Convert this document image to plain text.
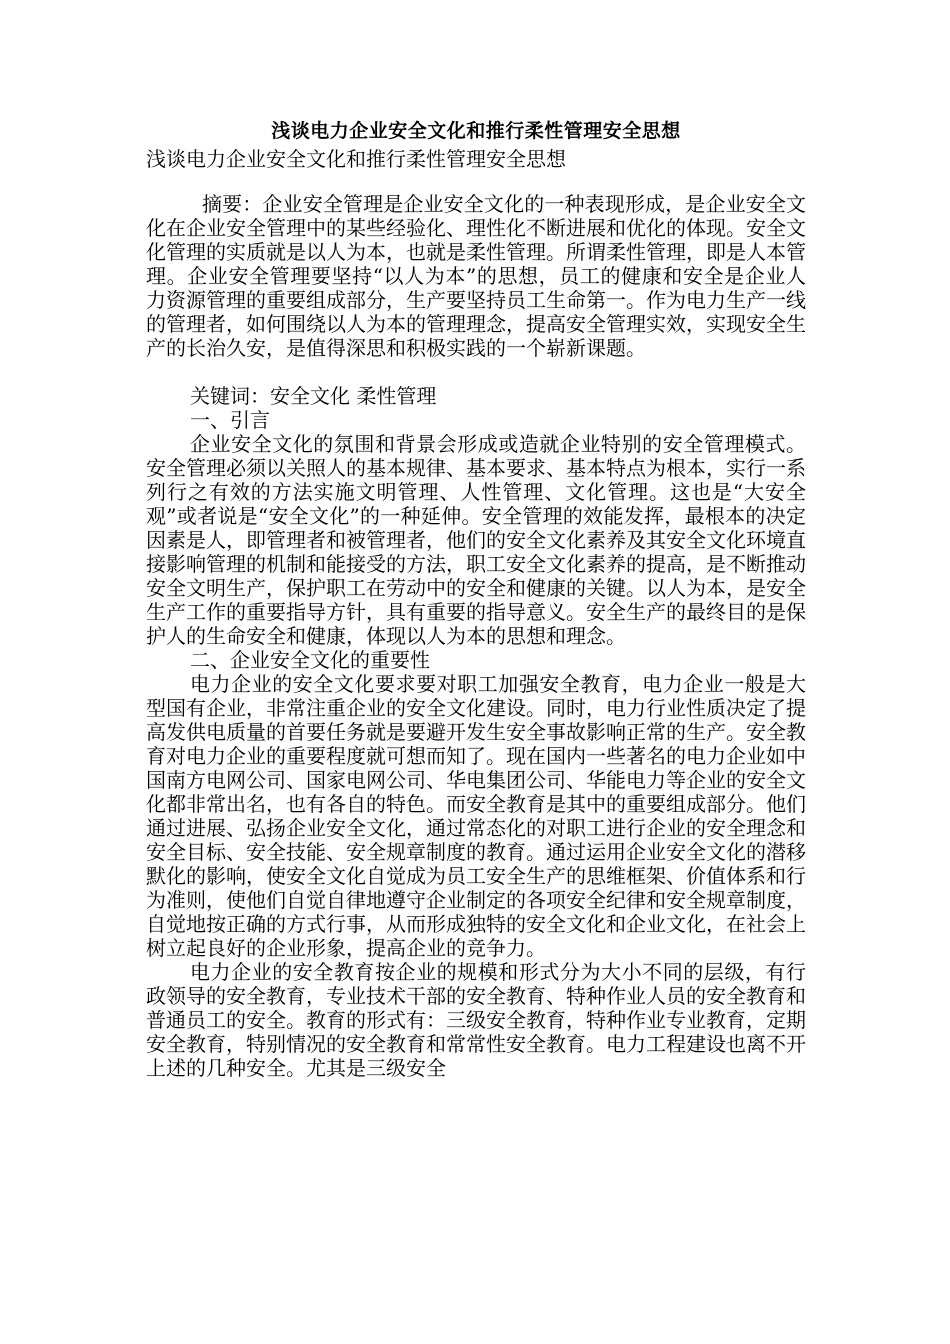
浅谈电力企业安全文化和推行柔性管理安全思想

浅谈电力企业安全文化和推行柔性管理安全思想

摘要：企业安全管理是企业安全文化的一种表现形成，是企业安全文化在企业安全管理中的某些经验化、理性化不断进展和优化的体现。安全文化管理的实质就是以人为本，也就是柔性管理。所谓柔性管理，即是人本管理。企业安全管理要坚持“以人为本”的思想，员工的健康和安全是企业人力资源管理的重要组成部分，生产要坚持员工生命第一。作为电力生产一线的管理者，如何围绕以人为本的管理理念，提高安全管理实效，实现安全生产的长治久安，是值得深思和积极实践的一个崭新课题。

关键词：安全文化 柔性管理

一、引言

企业安全文化的氛围和背景会形成或造就企业特别的安全管理模式。安全管理必须以关照人的基本规律、基本要求、基本特点为根本，实行一系列行之有效的方法实施文明管理、人性管理、文化管理。这也是“大安全观”或者说是“安全文化”的一种延伸。安全管理的效能发挥，最根本的决定因素是人，即管理者和被管理者，他们的安全文化素养及其安全文化环境直接影响管理的机制和能接受的方法，职工安全文化素养的提高，是不断推动安全文明生产，保护职工在劳动中的安全和健康的关键。以人为本，是安全生产工作的重要指导方针，具有重要的指导意义。安全生产的最终目的是保护人的生命安全和健康，体现以人为本的思想和理念。

二、企业安全文化的重要性

电力企业的安全文化要求要对职工加强安全教育，电力企业一般是大型国有企业，非常注重企业的安全文化建设。同时，电力行业性质决定了提高发供电质量的首要任务就是要避开发生安全事故影响正常的生产。安全教育对电力企业的重要程度就可想而知了。现在国内一些著名的电力企业如中国南方电网公司、国家电网公司、华电集团公司、华能电力等企业的安全文化都非常出名，也有各自的特色。而安全教育是其中的重要组成部分。他们通过进展、弘扬企业安全文化，通过常态化的对职工进行企业的安全理念和安全目标、安全技能、安全规章制度的教育。通过运用企业安全文化的潜移默化的影响，使安全文化自觉成为员工安全生产的思维框架、价值体系和行为准则，使他们自觉自律地遵守企业制定的各项安全纪律和安全规章制度，自觉地按正确的方式行事，从而形成独特的安全文化和企业文化，在社会上树立起良好的企业形象，提高企业的竞争力。

电力企业的安全教育按企业的规模和形式分为大小不同的层级，有行政领导的安全教育，专业技术干部的安全教育、特种作业人员的安全教育和普通员工的安全。教育的形式有：三级安全教育，特种作业专业教育，定期安全教育，特别情况的安全教育和常常性安全教育。电力工程建设也离不开上述的几种安全。尤其是三级安全
